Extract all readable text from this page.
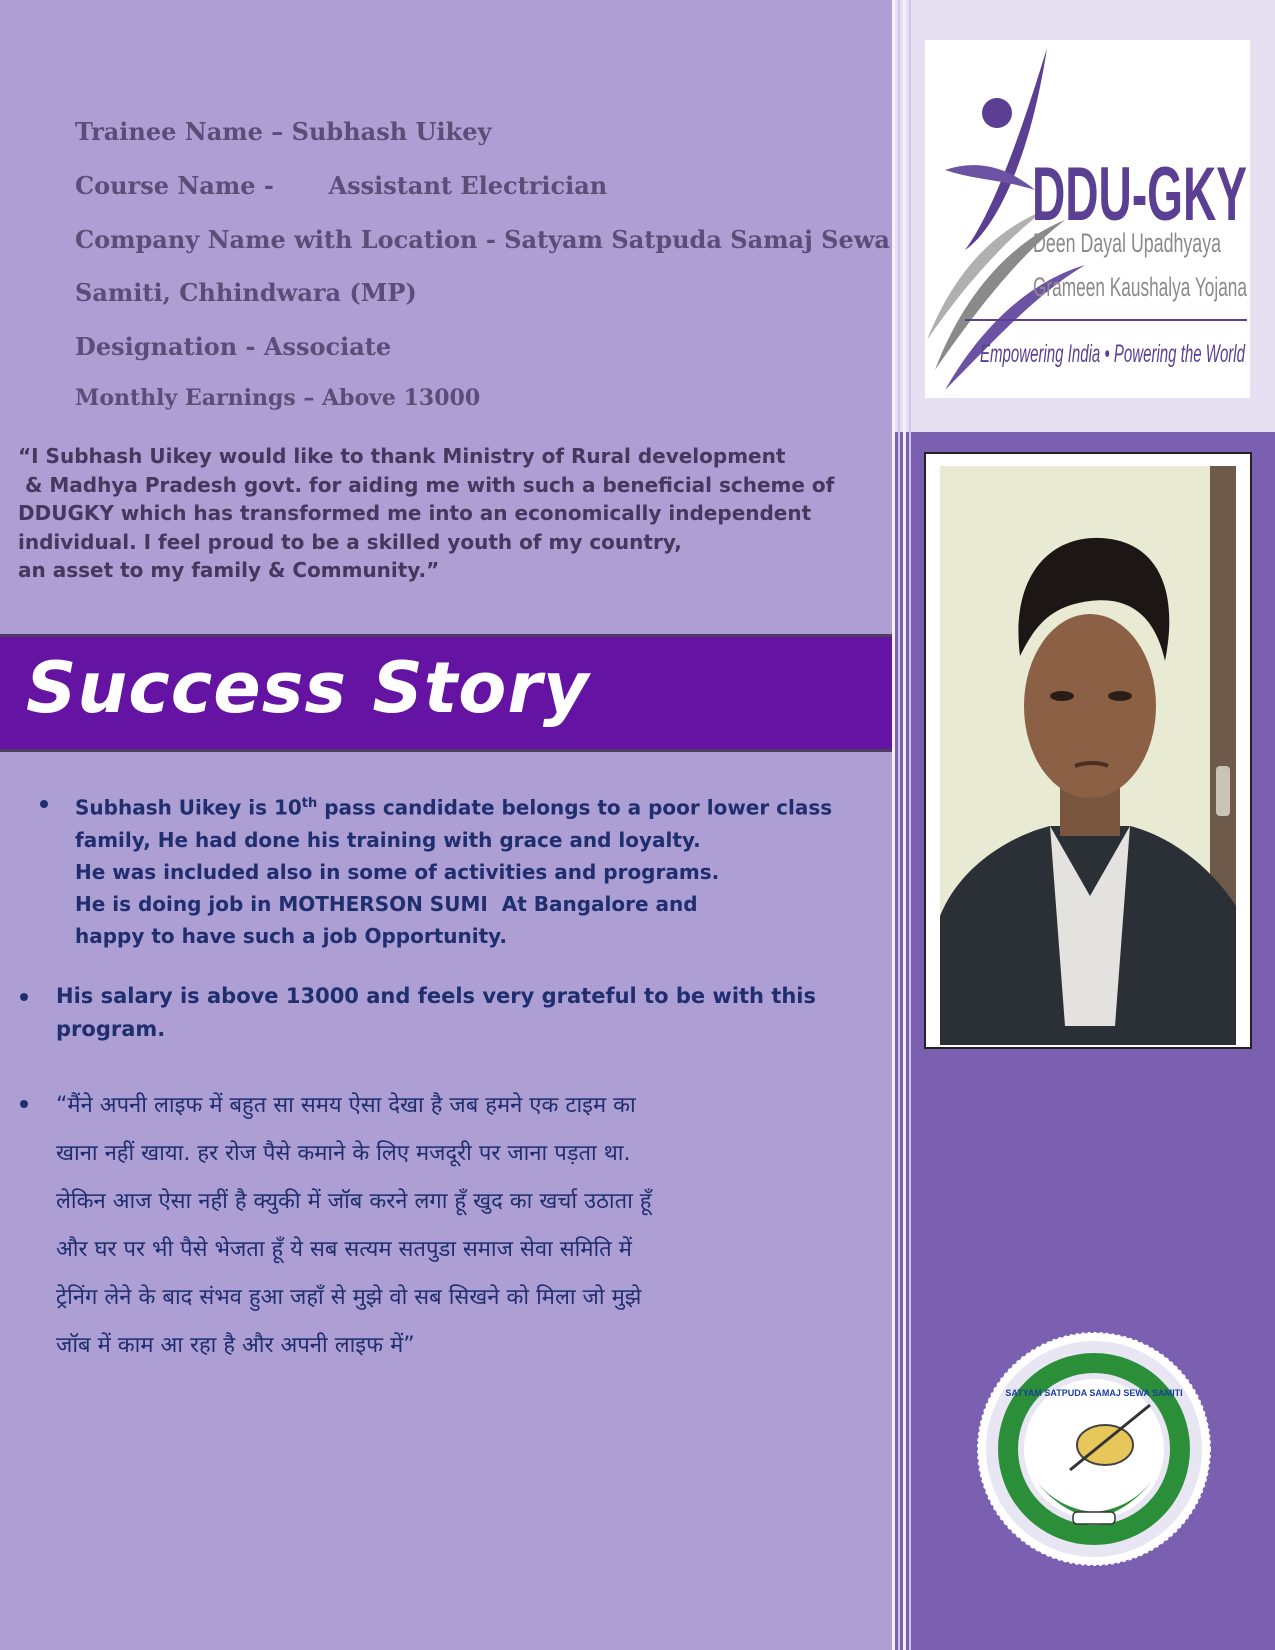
Trainee Name – Subhash Uikey
Course Name - Assistant Electrician
Company Name with Location - Satyam Satpuda Samaj Sewa
Samiti, Chhindwara (MP)
Designation - Associate
Monthly Earnings – Above 13000
“I Subhash Uikey would like to thank Ministry of Rural development
& Madhya Pradesh govt. for aiding me with such a beneficial scheme of
DDUGKY which has transformed me into an economically independent
individual. I feel proud to be a skilled youth of my country,
an asset to my family & Community.”
Success Story
Subhash Uikey is 10th pass candidate belongs to a poor lower class
family, He had done his training with grace and loyalty.
He was included also in some of activities and programs.
He is doing job in MOTHERSON SUMI  At Bangalore and
happy to have such a job Opportunity.
His salary is above 13000 and feels very grateful to be with this
program.
“मैंने अपनी लाइफ में बहुत सा समय ऐसा देखा है जब हमने एक टाइम का
खाना नहीं खाया. हर रोज पैसे कमाने के लिए मजदूरी पर जाना पड़ता था.
लेकिन आज ऐसा नहीं है क्युकी में जॉब करने लगा हूँ खुद का खर्चा उठाता हूँ
और घर पर भी पैसे भेजता हूँ ये सब सत्यम सतपुडा समाज सेवा समिति में
ट्रेनिंग लेने के बाद संभव हुआ जहाँ से मुझे वो सब सिखने को मिला जो मुझे
जॉब में काम आ रहा है और अपनी लाइफ में”
DDU-GKY
Deen Dayal Upadhyaya
Grameen Kaushalya Yojana
Empowering India • Powering the World
SATYAM SATPUDA SAMAJ SEWA SAMITI
